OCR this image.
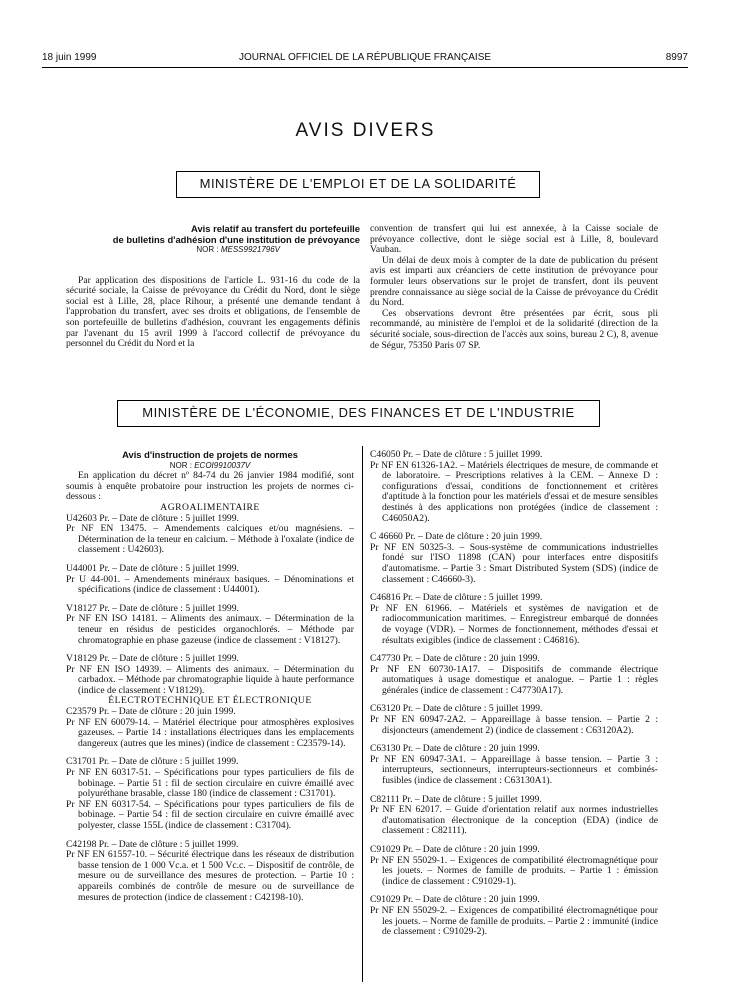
18 juin 1999	JOURNAL OFFICIEL DE LA RÉPUBLIQUE FRANÇAISE	8997
AVIS DIVERS
MINISTÈRE DE L'EMPLOI ET DE LA SOLIDARITÉ

Avis relatif au transfert du portefeuille

de bulletins d'adhésion d'une institution de prévoyance

NOR : MESS9921796V

Par application des dispositions de l'article L. 931-16 du code de la sécurité sociale, la Caisse de prévoyance du Crédit du Nord, dont le siège social est à Lille, 28, place Rihour, a présenté une demande tendant à l'approbation du transfert, avec ses droits et obligations, de l'ensemble de son portefeuille de bulletins d'adhésion, couvrant les engagements définis par l'avenant du 15 avril 1999 à l'accord collectif de prévoyance du personnel du Crédit du Nord et la

convention de transfert qui lui est annexée, à la Caisse sociale de prévoyance collective, dont le siège social est à Lille, 8, boulevard Vauban.

Un délai de deux mois à compter de la date de publication du présent avis est imparti aux créanciers de cette institution de prévoyance pour formuler leurs observations sur le projet de transfert, dont ils peuvent prendre connaissance au siège social de la Caisse de prévoyance du Crédit du Nord.

Ces observations devront être présentées par écrit, sous pli recommandé, au ministère de l'emploi et de la solidarité (direction de la sécurité sociale, sous-direction de l'accès aux soins, bureau 2 C), 8, avenue de Ségur, 75350 Paris 07 SP.

MINISTÈRE DE L'ÉCONOMIE, DES FINANCES ET DE L'INDUSTRIE

Avis d'instruction de projets de normes

NOR : ECOI9910037V

En application du décret nº 84-74 du 26 janvier 1984 modifié, sont soumis à enquête probatoire pour instruction les projets de normes ci-dessous :

AGROALIMENTAIRE

U42603 Pr. – Date de clôture : 5 juillet 1999.

Pr NF EN 13475. – Amendements calciques et/ou magnésiens. – Détermination de la teneur en calcium. – Méthode à l'oxalate (indice de classement : U42603).

U44001 Pr. – Date de clôture : 5 juillet 1999.

Pr U 44-001. – Amendements minéraux basiques. – Dénominations et spécifications (indice de classement : U44001).

V18127 Pr. – Date de clôture : 5 juillet 1999.

Pr NF EN ISO 14181. – Aliments des animaux. – Détermination de la teneur en résidus de pesticides organochlorés. – Méthode par chromatographie en phase gazeuse (indice de classement : V18127).

V18129 Pr. – Date de clôture : 5 juillet 1999.

Pr NF EN ISO 14939. – Aliments des animaux. – Détermination du carbadox. – Méthode par chromatographie liquide à haute performance (indice de classement : V18129).

ÉLECTROTECHNIQUE ET ÉLECTRONIQUE

C23579 Pr. – Date de clôture : 20 juin 1999.

Pr NF EN 60079-14. – Matériel électrique pour atmosphères explosives gazeuses. – Partie 14 : installations électriques dans les emplacements dangereux (autres que les mines) (indice de classement : C23579-14).

C31701 Pr. – Date de clôture : 5 juillet 1999.

Pr NF EN 60317-51. – Spécifications pour types particuliers de fils de bobinage. – Partie 51 : fil de section circulaire en cuivre émaillé avec polyuréthane brasable, classe 180 (indice de classement : C31701).

Pr NF EN 60317-54. – Spécifications pour types particuliers de fils de bobinage. – Partie 54 : fil de section circulaire en cuivre émaillé avec polyester, classe 155L (indice de classement : C31704).

C42198 Pr. – Date de clôture : 5 juillet 1999.

Pr NF EN 61557-10. – Sécurité électrique dans les réseaux de distribution basse tension de 1 000 Vc.a. et 1 500 Vc.c. – Dispositif de contrôle, de mesure ou de surveillance des mesures de protection. – Partie 10 : appareils combinés de contrôle de mesure ou de surveillance de mesures de protection (indice de classement : C42198-10).

C46050 Pr. – Date de clôture : 5 juillet 1999.

Pr NF EN 61326-1A2. – Matériels électriques de mesure, de commande et de laboratoire. – Prescriptions relatives à la CEM. – Annexe D : configurations d'essai, conditions de fonctionnement et critères d'aptitude à la fonction pour les matériels d'essai et de mesure sensibles destinés à des applications non protégées (indice de classement : C46050A2).

C 46660 Pr. – Date de clôture : 20 juin 1999.

Pr NF EN 50325-3. – Sous-système de communications industrielles fondé sur l'ISO 11898 (CAN) pour interfaces entre dispositifs d'automatisme. – Partie 3 : Smart Distributed System (SDS) (indice de classement : C46660-3).

C46816 Pr. – Date de clôture : 5 juillet 1999.

Pr NF EN 61966. – Matériels et systèmes de navigation et de radiocommunication maritimes. – Enregistreur embarqué de données de voyage (VDR). – Normes de fonctionnement, méthodes d'essai et résultats exigibles (indice de classement : C46816).

C47730 Pr. – Date de clôture : 20 juin 1999.

Pr NF EN 60730-1A17. – Dispositifs de commande électrique automatiques à usage domestique et analogue. – Partie 1 : règles générales (indice de classement : C47730A17).

C63120 Pr. – Date de clôture : 5 juillet 1999.

Pr NF EN 60947-2A2. – Appareillage à basse tension. – Partie 2 : disjoncteurs (amendement 2) (indice de classement : C63120A2).

C63130 Pr. – Date de clôture : 20 juin 1999.

Pr NF EN 60947-3A1. – Appareillage à basse tension. – Partie 3 : interrupteurs, sectionneurs, interrupteurs-sectionneurs et combinés-fusibles (indice de classement : C63130A1).

C82111 Pr. – Date de clôture : 5 juillet 1999.

Pr NF EN 62017. – Guide d'orientation relatif aux normes industrielles d'automatisation électronique de la conception (EDA) (indice de classement : C82111).

C91029 Pr. – Date de clôture : 20 juin 1999.

Pr NF EN 55029-1. – Exigences de compatibilité électromagnétique pour les jouets. – Normes de famille de produits. – Partie 1 : émission (indice de classement : C91029-1).

C91029 Pr. – Date de clôture : 20 juin 1999.

Pr NF EN 55029-2. – Exigences de compatibilité électromagnétique pour les jouets. – Norme de famille de produits. – Partie 2 : immunité (indice de classement : C91029-2).
